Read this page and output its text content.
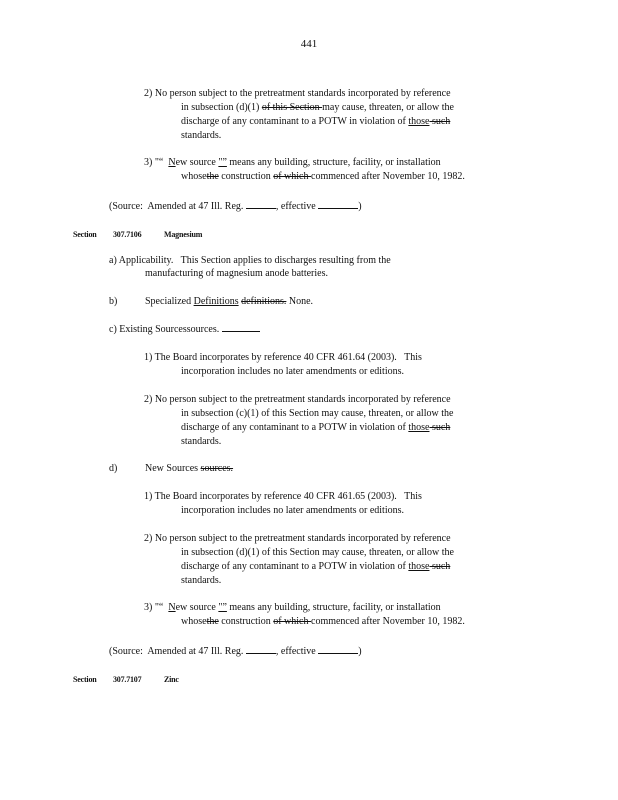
441
2) No person subject to the pretreatment standards incorporated by reference
in subsection (d)(1) of this Section may cause, threaten, or allow the
discharge of any contaminant to a POTW in violation of those such
standards.
3) "“  New source "” means any building, structure, facility, or installation
whosethe construction of which commenced after November 10, 1982.
(Source:  Amended at 47 Ill. Reg.	, effective	)
Section 307.7106	Magnesium
a) Applicability.   This Section applies to discharges resulting from the
manufacturing of magnesium anode batteries.
b)	Specialized Definitions definitions. None.
c) Existing Sourcessources.
1) The Board incorporates by reference 40 CFR 461.64 (2003).   This
incorporation includes no later amendments or editions.
2) No person subject to the pretreatment standards incorporated by reference
in subsection (c)(1) of this Section may cause, threaten, or allow the
discharge of any contaminant to a POTW in violation of those such
standards.
d)	New Sources sources.
1) The Board incorporates by reference 40 CFR 461.65 (2003).   This
incorporation includes no later amendments or editions.
2) No person subject to the pretreatment standards incorporated by reference
in subsection (d)(1) of this Section may cause, threaten, or allow the
discharge of any contaminant to a POTW in violation of those such
standards.
3) "“  New source "” means any building, structure, facility, or installation
whosethe construction of which commenced after November 10, 1982.
(Source:  Amended at 47 Ill. Reg.	, effective	)
Section 307.7107	Zinc
